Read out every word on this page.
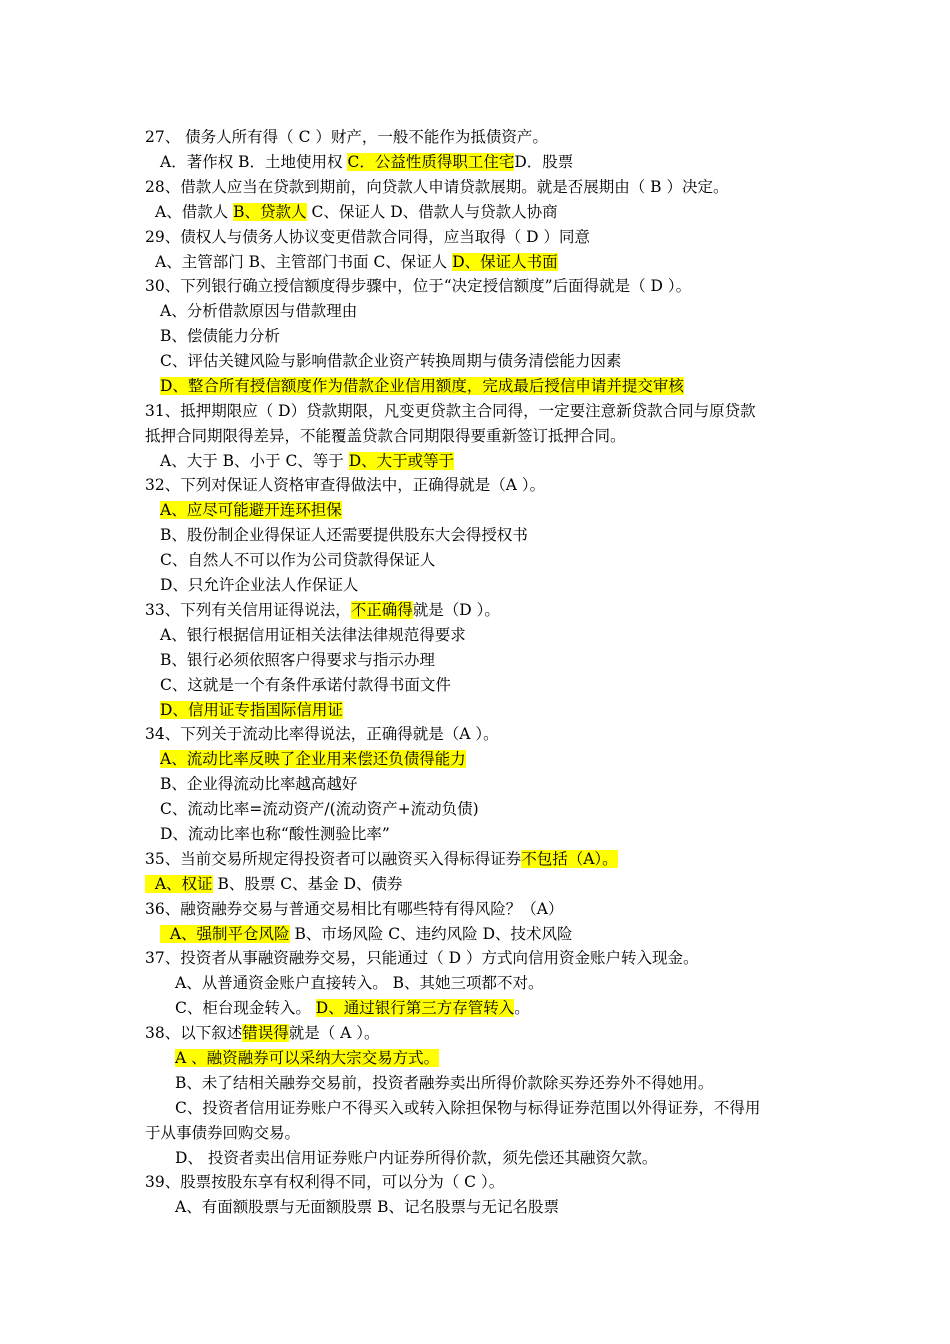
27、 债务人所有得（ C ）财产，一般不能作为抵债资产。
A．著作权 B．土地使用权 C．公益性质得职工住宅D．股票
28、借款人应当在贷款到期前，向贷款人申请贷款展期。就是否展期由（ B ）决定。
A、借款人 B、贷款人 C、保证人 D、借款人与贷款人协商
29、债权人与债务人协议变更借款合同得，应当取得（ D ）同意
A、主管部门 B、主管部门书面 C、保证人 D、保证人书面
30、下列银行确立授信额度得步骤中，位于“决定授信额度”后面得就是（ D ）。
A、分析借款原因与借款理由
B、偿债能力分析
C、评估关键风险与影响借款企业资产转换周期与债务清偿能力因素
D、整合所有授信额度作为借款企业信用额度，完成最后授信申请并提交审核
31、抵押期限应（ D）贷款期限，凡变更贷款主合同得，一定要注意新贷款合同与原贷款
抵押合同期限得差异，不能覆盖贷款合同期限得要重新签订抵押合同。
A、大于 B、小于 C、等于 D、大于或等于
32、下列对保证人资格审查得做法中，正确得就是（A ）。
A、应尽可能避开连环担保
B、股份制企业得保证人还需要提供股东大会得授权书
C、自然人不可以作为公司贷款得保证人
D、只允许企业法人作保证人
33、下列有关信用证得说法，不正确得就是（D ）。
A、银行根据信用证相关法律法律规范得要求
B、银行必须依照客户得要求与指示办理
C、这就是一个有条件承诺付款得书面文件
D、信用证专指国际信用证
34、下列关于流动比率得说法，正确得就是（A ）。
A、流动比率反映了企业用来偿还负债得能力
B、企业得流动比率越高越好
C、流动比率=流动资产/(流动资产+流动负债)
D、流动比率也称“酸性测验比率”
35、当前交易所规定得投资者可以融资买入得标得证券不包括（A）。
A、权证 B、股票 C、基金 D、债券
36、融资融券交易与普通交易相比有哪些特有得风险？（A）
A、强制平仓风险 B、市场风险 C、违约风险 D、技术风险
37、投资者从事融资融券交易，只能通过（ D ）方式向信用资金账户转入现金。
A、从普通资金账户直接转入。 B、其她三项都不对。
C、柜台现金转入。 D、通过银行第三方存管转入。
38、以下叙述错误得就是（ A ）。
A 、融资融券可以采纳大宗交易方式。
B、未了结相关融券交易前，投资者融券卖出所得价款除买券还券外不得她用。
C、投资者信用证券账户不得买入或转入除担保物与标得证券范围以外得证券，不得用
于从事债券回购交易。
D、 投资者卖出信用证券账户内证券所得价款，须先偿还其融资欠款。
39、股票按股东享有权利得不同，可以分为（ C ）。
A、有面额股票与无面额股票 B、记名股票与无记名股票
